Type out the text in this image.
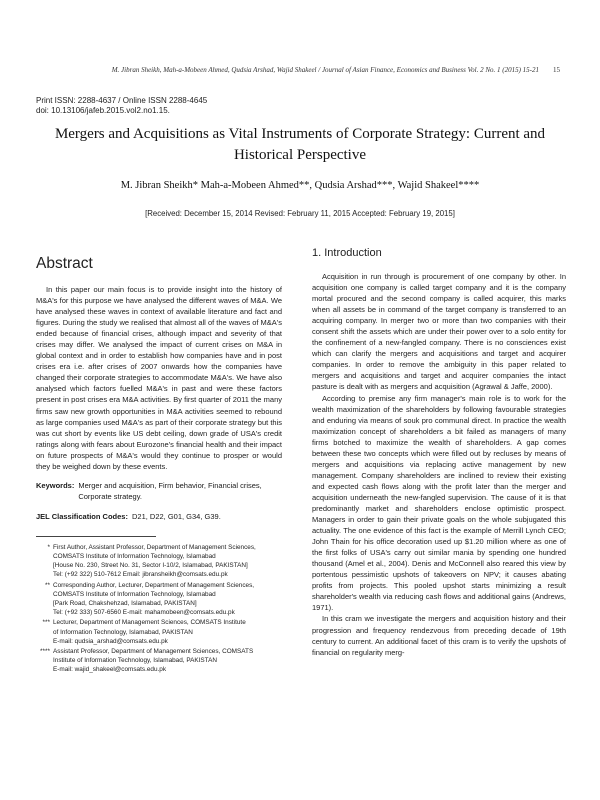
M. Jibran Sheikh, Mah-a-Mobeen Ahmed, Qudsia Arshad, Wajid Shakeel / Journal of Asian Finance, Economics and Business Vol. 2 No. 1 (2015) 15-21 15
Print ISSN: 2288-4637 / Online ISSN 2288-4645
doi: 10.13106/jafeb.2015.vol2.no1.15.
Mergers and Acquisitions as Vital Instruments of Corporate Strategy: Current and
Historical Perspective
M. Jibran Sheikh* Mah-a-Mobeen Ahmed**, Qudsia Arshad***, Wajid Shakeel****
[Received: December 15, 2014 Revised: February 11, 2015 Accepted: February 19, 2015]
Abstract

In this paper our main focus is to provide insight into the history of M&A's for this purpose we have analysed the different waves of M&A. We have analysed these waves in context of available literature and fact and figures. During the study we realised that almost all of the waves of M&A's ended because of financial crises, although impact and severity of that crises may differ. We analysed the impact of current crises on M&A in global context and in order to establish how companies have and in post crises era i.e. after crises of 2007 onwards how the companies have changed their corporate strategies to accommodate M&A's. We have also analysed which factors fuelled M&A's in past and were these factors present in post crises era M&A activities. By first quarter of 2011 the many firms saw new growth opportunities in M&A activities seemed to rebound as large companies used M&A's as part of their corporate strategy but this was cut short by events like US debt ceiling, down grade of USA's credit ratings along with fears about Eurozone's financial health and their impact on future prospects of M&A's would they continue to prosper or would they be weighed down by these events.

Keywords: Merger and acquisition, Firm behavior, Financial crises, Corporate strategy.
JEL Classification Codes: D21, D22, G01, G34, G39.
* First Author, Assistant Professor, Department of Management Sciences,
COMSATS Institute of Information Technology, Islamabad
[House No. 230, Street No. 31, Sector I-10/2, Islamabad, PAKISTAN]
Tel: (+92 322) 510-7612 Email: jibransheikh@comsats.edu.pk
** Corresponding Author, Lecturer, Department of Management Sciences,
COMSATS Institute of Information Technology, Islamabad
[Park Road, Chakshehzad, Islamabad, PAKISTAN]
Tel: (+92 333) 507-6560 E-mail: mahamobeen@comsats.edu.pk
*** Lecturer, Department of Management Sciences, COMSATS Institute
of Information Technology, Islamabad, PAKISTAN
E-mail: qudsia_arshad@comsats.edu.pk
**** Assistant Professor, Department of Management Sciences, COMSATS
Institute of Information Technology, Islamabad, PAKISTAN
E-mail: wajid_shakeel@comsats.edu.pk
1. Introduction

Acquisition in run through is procurement of one company by other. In acquisition one company is called target company and it is the company mortal procured and the second company is called acquirer, this marks when all assets be in command of the target company is transferred to an acquiring company. In merger two or more than two companies with their consent shift the assets which are under their power over to a solo entity for the confinement of a new-fangled company. There is no consciences exist which can clarify the mergers and acquisitions and target and acquirer companies. In order to remove the ambiguity in this paper related to mergers and acquisitions and target and acquirer companies the intact pasture is dealt with as mergers and acquisition (Agrawal & Jaffe, 2000).

According to premise any firm manager's main role is to work for the wealth maximization of the shareholders by following favourable strategies and enduring via means of souk pro communal direct. In practice the wealth maximization concept of shareholders a bit failed as managers of many firms botched to maximize the wealth of shareholders. A gap comes between these two concepts which were filled out by recluses by means of mergers and acquisitions via replacing active management by new management. Company shareholders are inclined to review their existing and expected cash flows along with the profit later than the merger and acquisition underneath the new-fangled supervision. The cause of it is that predominantly market and shareholders enclose optimistic prospect. Managers in order to gain their private goals on the whole subjugated this actuality. The one evidence of this fact is the example of Merrill Lynch CEO; John Thain for his office decoration used up $1.20 million where as one of the first folks of USA's carry out similar mania by spending one hundred thousand (Amel et al., 2004). Denis and McConnell also reared this view by portentous pessimistic upshots of takeovers on NPV; it causes abating profits from projects. This pooled upshot starts minimizing a result shareholder's wealth via reducing cash flows and additional gains (Andrews, 1971).

In this cram we investigate the mergers and acquisition history and their progression and frequency rendezvous from preceding decade of 19th century to current. An additional facet of this cram is to verify the upshots of financial on regularity merg-
